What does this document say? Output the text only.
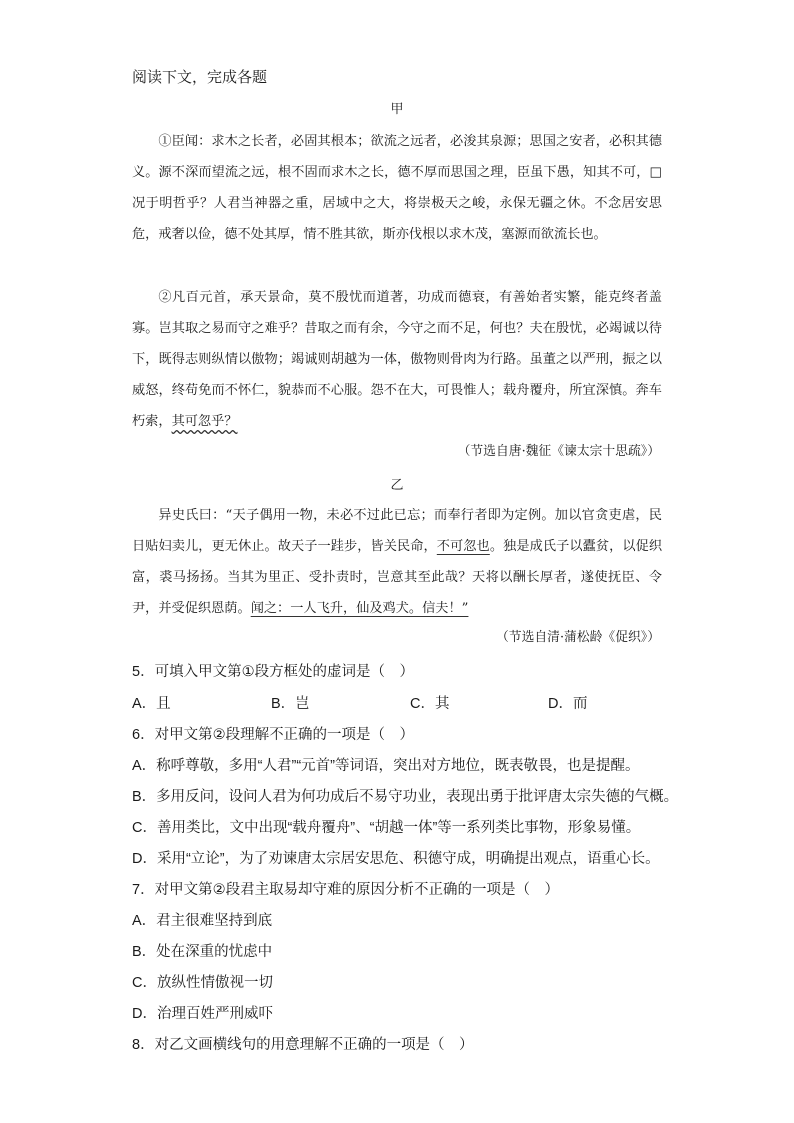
阅读下文，完成各题
甲

①臣闻：求木之长者，必固其根本；欲流之远者，必浚其泉源；思国之安者，必积其德义。源不深而望流之远，根不固而求木之长，德不厚而思国之理，臣虽下愚，知其不可，□况于明哲乎？人君当神器之重，居域中之大，将崇极天之峻，永保无疆之休。不念居安思危，戒奢以俭，德不处其厚，情不胜其欲，斯亦伐根以求木茂，塞源而欲流长也。

②凡百元首，承天景命，莫不殷忧而道著，功成而德衰，有善始者实繁，能克终者盖寡。岂其取之易而守之难乎？昔取之而有余，今守之而不足，何也？夫在殷忧，必竭诚以待下，既得志则纵情以傲物；竭诚则胡越为一体，傲物则骨肉为行路。虽董之以严刑，振之以威怒，终苟免而不怀仁，貌恭而不心服。怨不在大，可畏惟人；载舟覆舟，所宜深慎。奔车朽索，其可忽乎？

（节选自唐·魏征《谏太宗十思疏》）
乙

异史氏曰：“天子偶用一物，未必不过此已忘；而奉行者即为定例。加以官贪吏虐，民日贴妇卖儿，更无休止。故天子一跬步，皆关民命，不可忽也。独是成氏子以蠹贫，以促织富，裘马扬扬。当其为里正、受扑责时，岂意其至此哉？天将以酬长厚者，遂使抚臣、令尹，并受促织恩荫。闻之：一人飞升，仙及鸡犬。信夫！”

（节选自清·蒲松龄《促织》）
5．可填入甲文第①段方框处的虚词是（　）
A．且	B．岂	C．其	D．而
6．对甲文第②段理解不正确的一项是（　）
A．称呼尊敬，多用“人君”“元首”等词语，突出对方地位，既表敬畏，也是提醒。
B．多用反问，设问人君为何功成后不易守功业，表现出勇于批评唐太宗失德的气概。
C．善用类比，文中出现“载舟覆舟”、“胡越一体”等一系列类比事物，形象易懂。
D．采用“立论”，为了劝谏唐太宗居安思危、积德守成，明确提出观点，语重心长。
7．对甲文第②段君主取易却守难的原因分析不正确的一项是（　）
A．君主很难坚持到底
B．处在深重的忧虑中
C．放纵性情傲视一切
D．治理百姓严刑威吓
8．对乙文画横线句的用意理解不正确的一项是（　）
